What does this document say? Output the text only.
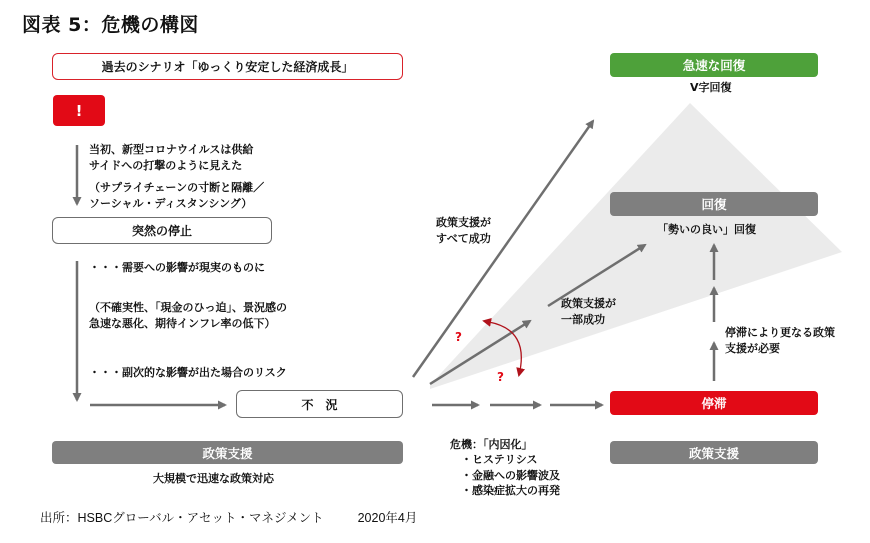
図表 5：危機の構図
過去のシナリオ「ゆっくり安定した経済成長」
!
当初、新型コロナウイルスは供給
サイドへの打撃のように見えた
（サプライチェーンの寸断と隔離／
ソーシャル・ディスタンシング）
突然の停止
・・・需要への影響が現実のものに
（不確実性、「現金のひっ迫」、景況感の
急速な悪化、期待インフレ率の低下）
・・・副次的な影響が出た場合のリスク
不　況
政策支援
大規模で迅速な政策対応
政策支援が
すべて成功
政策支援が
一部成功
?
?
危機：「内因化」
　・ヒステリシス
　・金融への影響波及
　・感染症拡大の再発
急速な回復
V字回復
回復
「勢いの良い」回復
停滞により更なる政策
支援が必要
停滞
政策支援
出所：HSBCグローバル・アセット・マネジメント	2020年4月
